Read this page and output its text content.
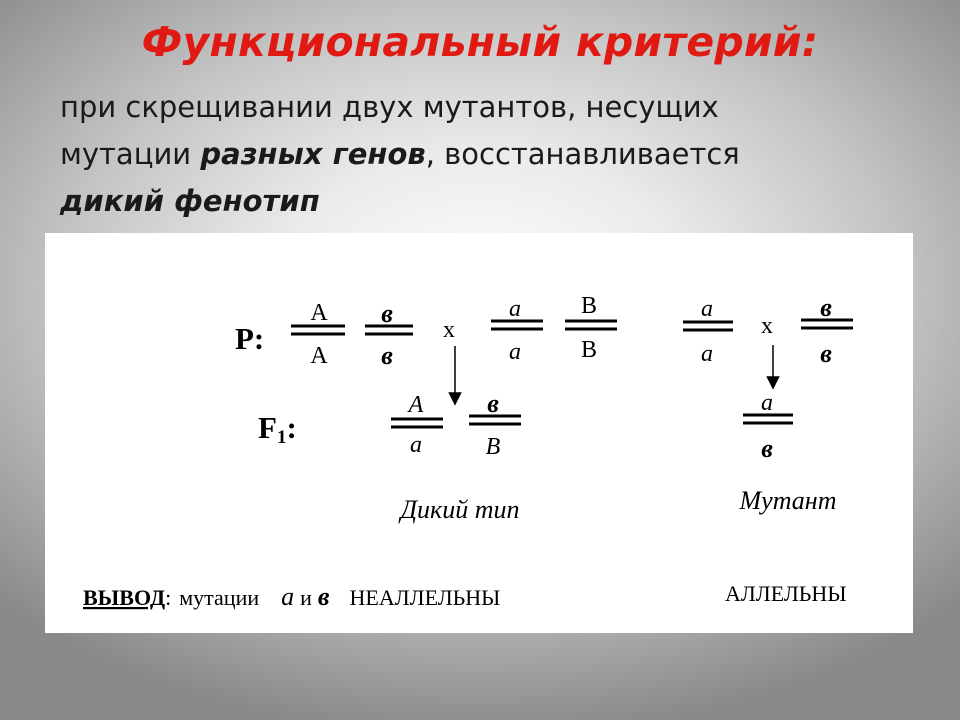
Функциональный критерий:
при скрещивании двух мутантов, несущих
мутации разных генов, восстанавливается
дикий фенотип
P:
F1:
A
A
в
в
x
a
a
B
B
a
a
x
в
в
A
a
в
B
Дикий тип
a
в
Мутант
ВЫВОД: мутации a и в НЕАЛЛЕЛЬНЫ	АЛЛЕЛЬНЫ
